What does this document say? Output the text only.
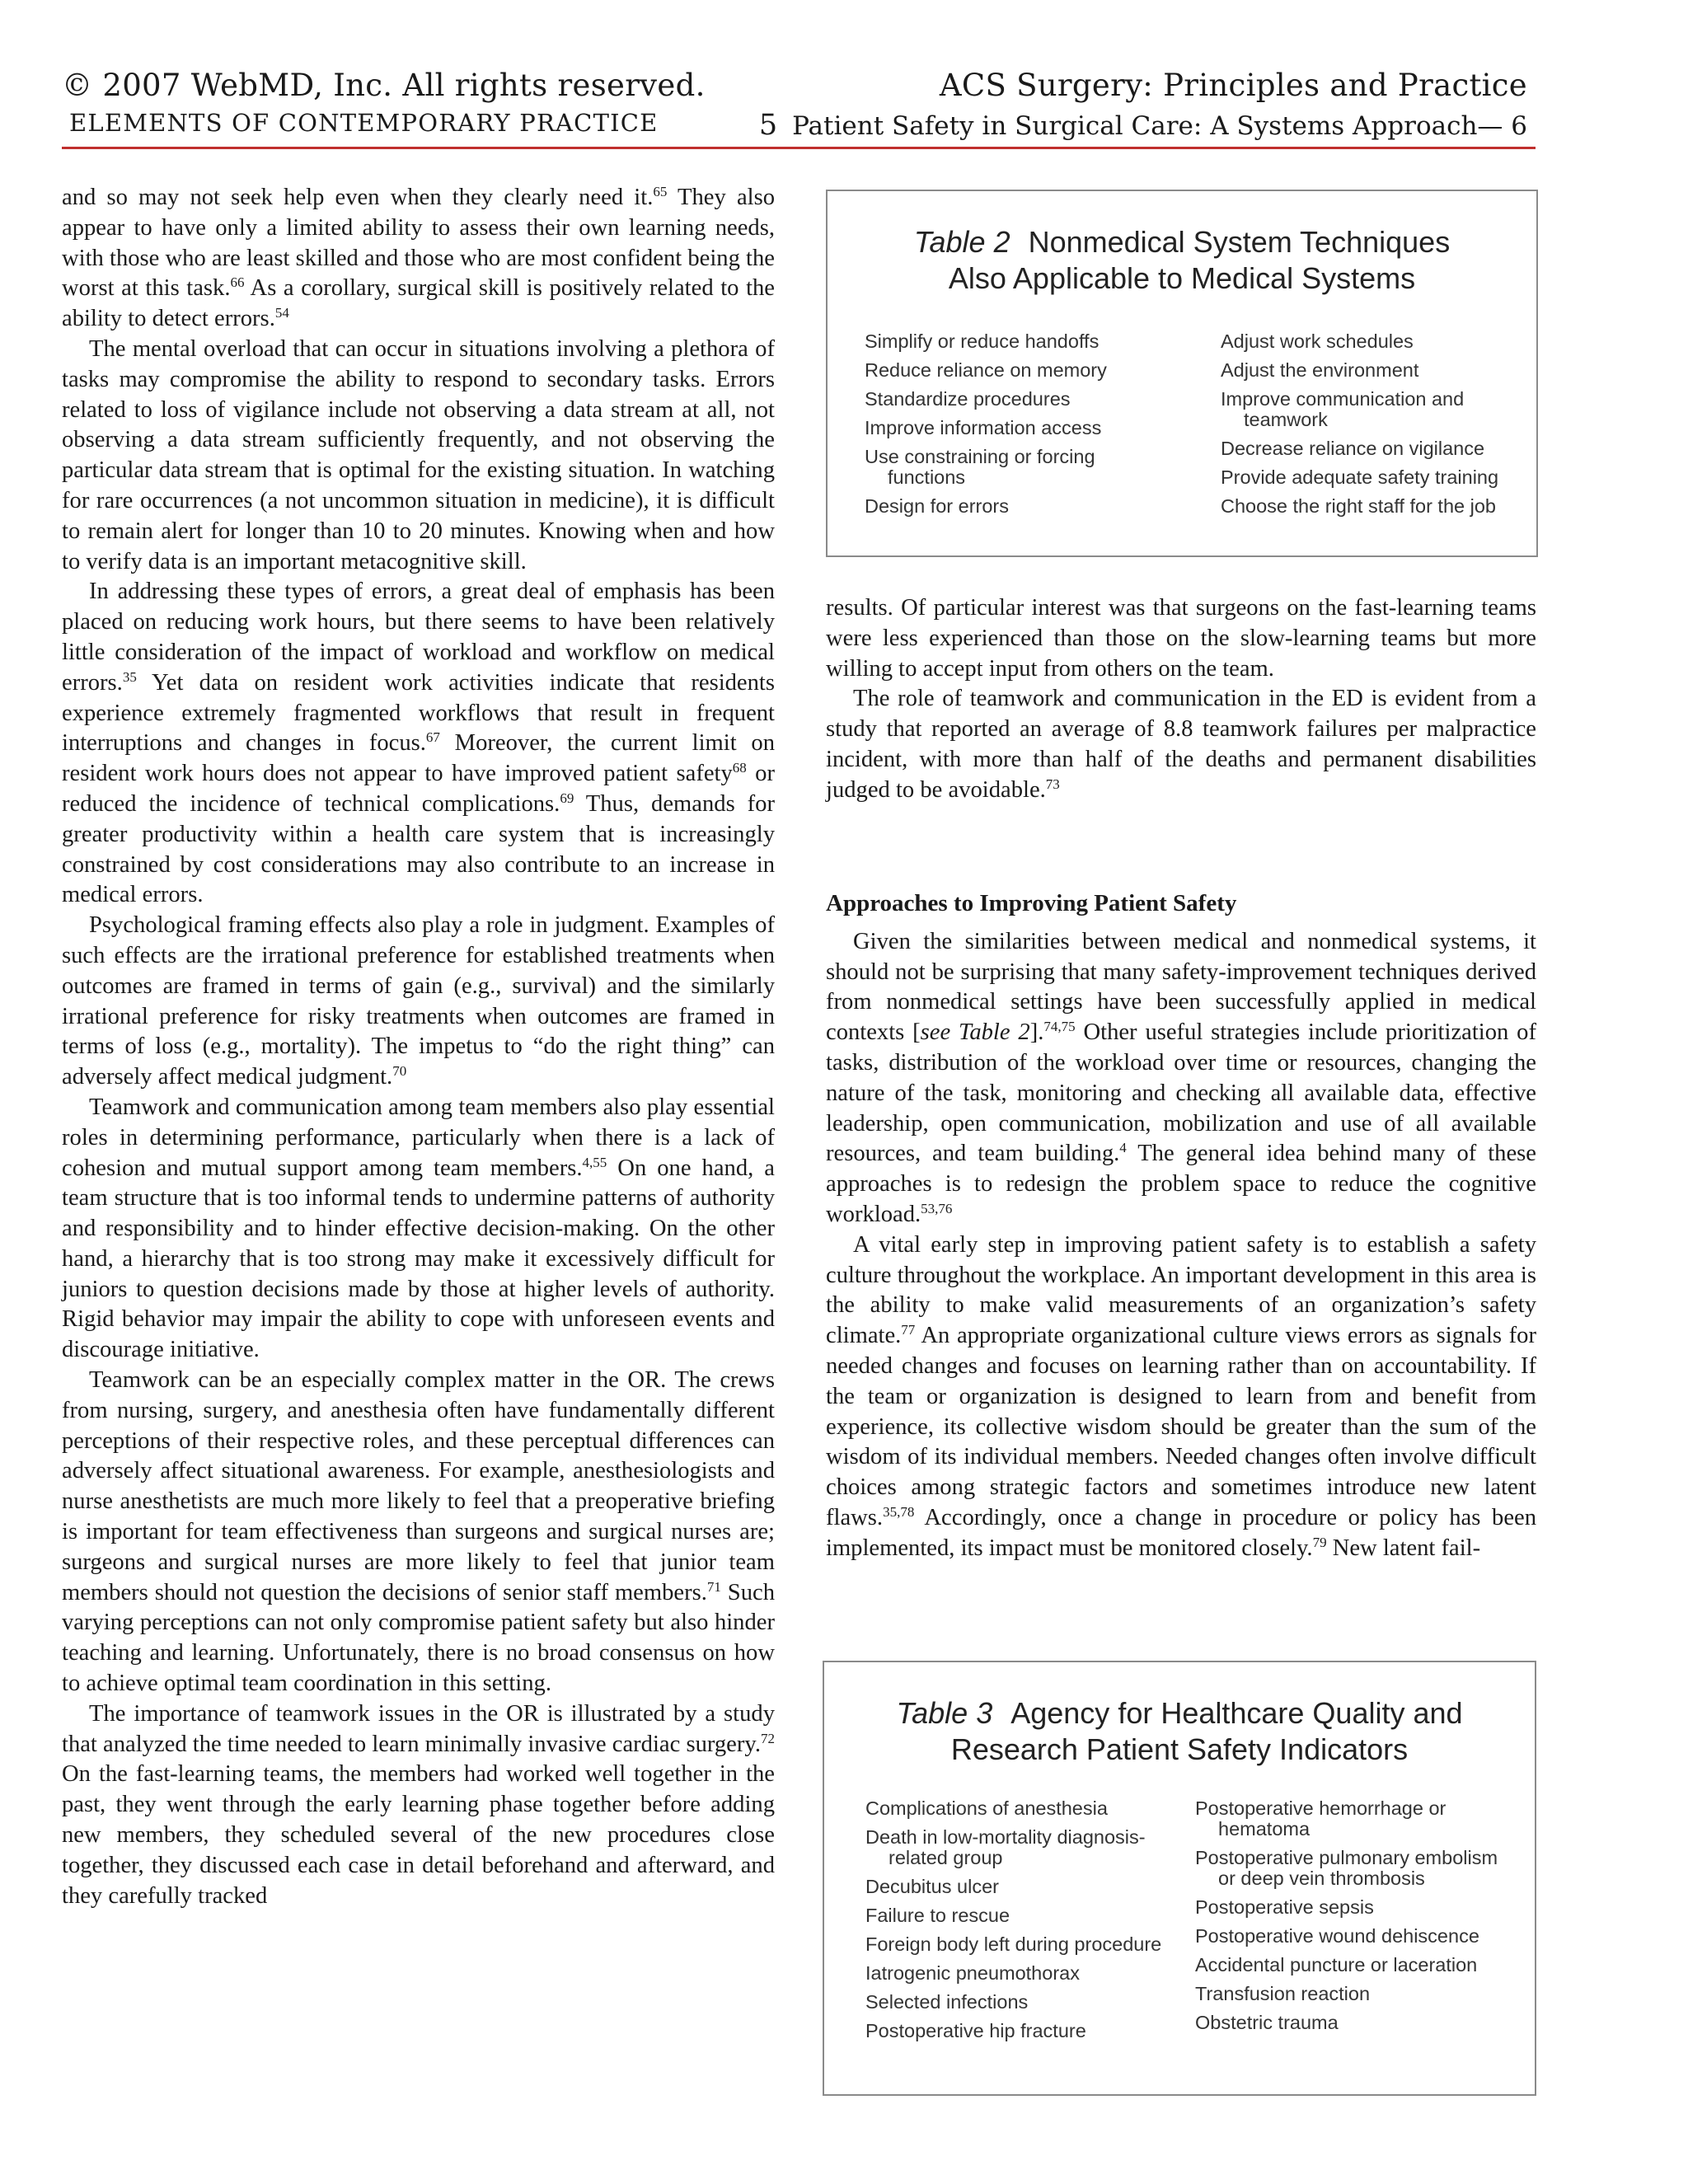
© 2007 WebMD, Inc. All rights reserved.
ELEMENTS OF CONTEMPORARY PRACTICE
ACS Surgery: Principles and Practice
5 Patient Safety in Surgical Care: A Systems Approach— 6

and so may not seek help even when they clearly need it.$^{65}$ They also appear to have only a limited ability to assess their own learning needs, with those who are least skilled and those who are most confident being the worst at this task.$^{66}$ As a corollary, surgical skill is positively related to the ability to detect errors.$^{54}$

The mental overload that can occur in situations involving a plethora of tasks may compromise the ability to respond to secondary tasks. Errors related to loss of vigilance include not observing a data stream at all, not observing a data stream sufficiently frequently, and not observing the particular data stream that is optimal for the existing situation. In watching for rare occurrences (a not uncommon situation in medicine), it is difficult to remain alert for longer than 10 to 20 minutes. Knowing when and how to verify data is an important metacognitive skill.

In addressing these types of errors, a great deal of emphasis has been placed on reducing work hours, but there seems to have been relatively little consideration of the impact of workload and workflow on medical errors.$^{35}$ Yet data on resident work activities indicate that residents experience extremely fragmented workflows that result in frequent interruptions and changes in focus.$^{67}$ Moreover, the current limit on resident work hours does not appear to have improved patient safety$^{68}$ or reduced the incidence of technical complications.$^{69}$ Thus, demands for greater productivity within a health care system that is increasingly constrained by cost considerations may also contribute to an increase in medical errors.

Psychological framing effects also play a role in judgment. Examples of such effects are the irrational preference for established treatments when outcomes are framed in terms of gain (e.g., survival) and the similarly irrational preference for risky treatments when outcomes are framed in terms of loss (e.g., mortality). The impetus to “do the right thing” can adversely affect medical judgment.$^{70}$

Teamwork and communication among team members also play essential roles in determining performance, particularly when there is a lack of cohesion and mutual support among team members.$^{4,55}$ On one hand, a team structure that is too informal tends to undermine patterns of authority and responsibility and to hinder effective decision-making. On the other hand, a hierarchy that is too strong may make it excessively difficult for juniors to question decisions made by those at higher levels of authority. Rigid behavior may impair the ability to cope with unforeseen events and discourage initiative.

Teamwork can be an especially complex matter in the OR. The crews from nursing, surgery, and anesthesia often have fundamentally different perceptions of their respective roles, and these perceptual differences can adversely affect situational awareness. For example, anesthesiologists and nurse anesthetists are much more likely to feel that a preoperative briefing is important for team effectiveness than surgeons and surgical nurses are; surgeons and surgical nurses are more likely to feel that junior team members should not question the decisions of senior staff members.$^{71}$ Such varying perceptions can not only compromise patient safety but also hinder teaching and learning. Unfortunately, there is no broad consensus on how to achieve optimal team coordination in this setting.

The importance of teamwork issues in the OR is illustrated by a study that analyzed the time needed to learn minimally invasive cardiac surgery.$^{72}$ On the fast-learning teams, the members had worked well together in the past, they went through the early learning phase together before adding new members, they scheduled several of the new procedures close together, they discussed each case in detail beforehand and afterward, and they carefully tracked

Table 2 Nonmedical System Techniques
Also Applicable to Medical Systems
Simplify or reduce handoffs
Reduce reliance on memory
Standardize procedures
Improve information access
Use constraining or forcing functions
Design for errors
Adjust work schedules
Adjust the environment
Improve communication and teamwork
Decrease reliance on vigilance
Provide adequate safety training
Choose the right staff for the job

results. Of particular interest was that surgeons on the fast-learning teams were less experienced than those on the slow-learning teams but more willing to accept input from others on the team.

The role of teamwork and communication in the ED is evident from a study that reported an average of 8.8 teamwork failures per malpractice incident, with more than half of the deaths and permanent disabilities judged to be avoidable.$^{73}$

Approaches to Improving Patient Safety

Given the similarities between medical and nonmedical systems, it should not be surprising that many safety-improvement techniques derived from nonmedical settings have been successfully applied in medical contexts [see Table 2].$^{74,75}$ Other useful strategies include prioritization of tasks, distribution of the workload over time or resources, changing the nature of the task, monitoring and checking all available data, effective leadership, open communication, mobilization and use of all available resources, and team building.$^4$ The general idea behind many of these approaches is to redesign the problem space to reduce the cognitive workload.$^{53,76}$

A vital early step in improving patient safety is to establish a safety culture throughout the workplace. An important development in this area is the ability to make valid measurements of an organization’s safety climate.$^{77}$ An appropriate organizational culture views errors as signals for needed changes and focuses on learning rather than on accountability. If the team or organization is designed to learn from and benefit from experience, its collective wisdom should be greater than the sum of the wisdom of its individual members. Needed changes often involve difficult choices among strategic factors and sometimes introduce new latent flaws.$^{35,78}$ Accordingly, once a change in procedure or policy has been implemented, its impact must be monitored closely.$^{79}$ New latent fail-

Table 3 Agency for Healthcare Quality and
Research Patient Safety Indicators
Complications of anesthesia
Death in low-mortality diagnosis-related group
Decubitus ulcer
Failure to rescue
Foreign body left during procedure
Iatrogenic pneumothorax
Selected infections
Postoperative hip fracture
Postoperative hemorrhage or hematoma
Postoperative pulmonary embolism or deep vein thrombosis
Postoperative sepsis
Postoperative wound dehiscence
Accidental puncture or laceration
Transfusion reaction
Obstetric trauma
